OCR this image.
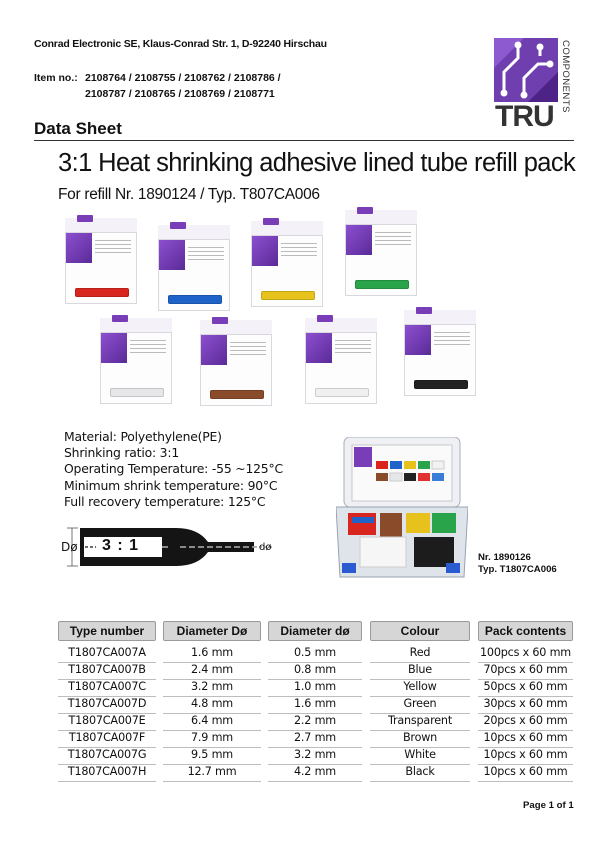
Conrad Electronic SE, Klaus-Conrad Str. 1, D-92240 Hirschau
Item no.: 2108764 / 2108755 / 2108762 / 2108786 /
2108787 / 2108765 / 2108769 / 2108771
TRU
COMPONENTS
Data Sheet
3:1 Heat shrinking adhesive lined tube refill pack
For refill Nr. 1890124 / Typ. T807CA006
Material: Polyethylene(PE)
Shrinking ratio: 3:1
Operating Temperature: -55 ~125°C
Minimum shrink temperature: 90°C
Full recovery temperature: 125°C
Dø 3 : 1	dø
Nr. 1890126
Typ. T1807CA006
Type number	Diameter Dø	Diameter dø	Colour	Pack contents
T1807CA007A	1.6 mm	0.5 mm	Red	100pcs x 60 mm
T1807CA007B	2.4 mm	0.8 mm	Blue	70pcs x 60 mm
T1807CA007C	3.2 mm	1.0 mm	Yellow	50pcs x 60 mm
T1807CA007D	4.8 mm	1.6 mm	Green	30pcs x 60 mm
T1807CA007E	6.4 mm	2.2 mm	Transparent	20pcs x 60 mm
T1807CA007F	7.9 mm	2.7 mm	Brown	10pcs x 60 mm
T1807CA007G	9.5 mm	3.2 mm	White	10pcs x 60 mm
T1807CA007H	12.7 mm	4.2 mm	Black	10pcs x 60 mm
Page 1 of 1
